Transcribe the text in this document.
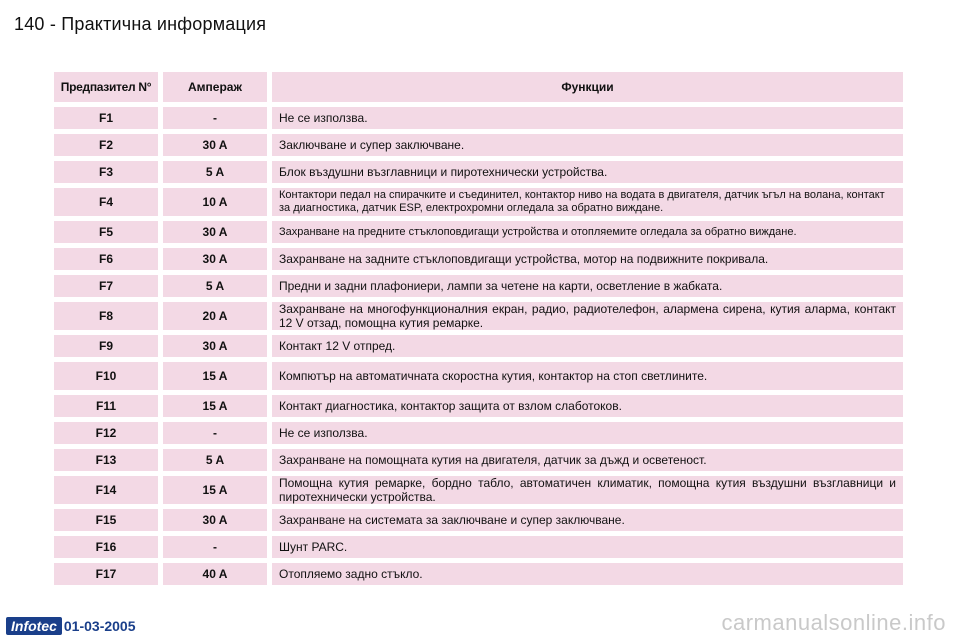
140 - Практична информация
Предпазител N°		Ампераж		Функции
F1		-		Не се използва.
F2		30 A		Заключване и супер заключване.
F3		5 A		Блок въздушни възглавници и пиротехнически устройства.
F4		10 A		Контактори педал на спирачките и съединител, контактор ниво на водата в двигателя, датчик ъгъл на волана, контакт за диагностика, датчик ESP, електрохромни огледала за обратно виждане.
F5		30 A		Захранване на предните стъклоповдигащи устройства и отопляемите огледала за обратно виждане.
F6		30 A		Захранване на задните стъклоповдигащи устройства, мотор на подвижните покривала.
F7		5 A		Предни и задни плафониери, лампи за четене на карти, осветление в жабката.
F8		20 A		Захранване на многофункционалния екран, радио, радиотелефон, алармена сирена, кутия аларма, контакт 12 V отзад, помощна кутия ремарке.
F9		30 A		Контакт 12 V отпред.
F10		15 A		Компютър на автоматичната скоростна кутия, контактор на стоп светлините.
F11		15 A		Контакт диагностика, контактор защита от взлом слаботоков.
F12		-		Не се използва.
F13		5 A		Захранване на помощната кутия на двигателя, датчик за дъжд и осветеност.
F14		15 A		Помощна кутия ремарке, бордно табло, автоматичен климатик, помощна кутия въздушни възглавници и пиротехнически устройства.
F15		30 A		Захранване на системата за заключване и супер заключване.
F16		-		Шунт PARC.
F17		40 A		Отопляемо задно стъкло.
Infotec 01-03-2005	carmanualsonline.info
